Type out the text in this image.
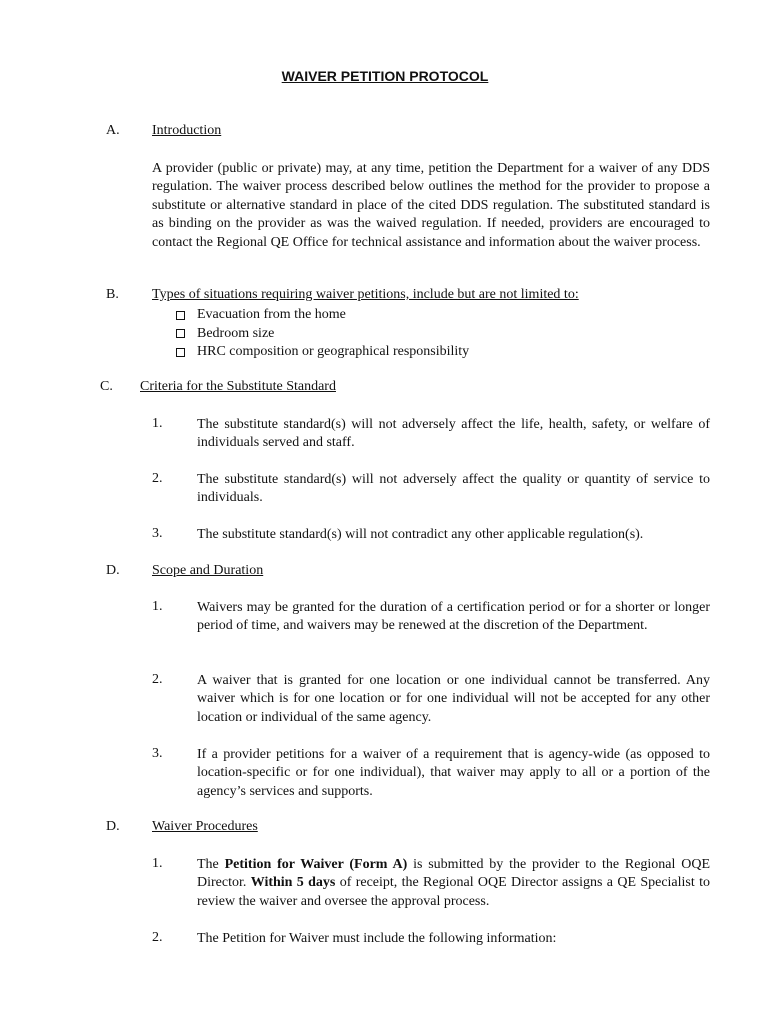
WAIVER PETITION PROTOCOL
A. Introduction
A provider (public or private) may, at any time, petition the Department for a waiver of any DDS regulation. The waiver process described below outlines the method for the provider to propose a substitute or alternative standard in place of the cited DDS regulation. The substituted standard is as binding on the provider as was the waived regulation. If needed, providers are encouraged to contact the Regional QE Office for technical assistance and information about the waiver process.
B. Types of situations requiring waiver petitions, include but are not limited to:
Evacuation from the home
Bedroom size
HRC composition or geographical responsibility
C. Criteria for the Substitute Standard
1. The substitute standard(s) will not adversely affect the life, health, safety, or welfare of individuals served and staff.
2. The substitute standard(s) will not adversely affect the quality or quantity of service to individuals.
3. The substitute standard(s) will not contradict any other applicable regulation(s).
D. Scope and Duration
1. Waivers may be granted for the duration of a certification period or for a shorter or longer period of time, and waivers may be renewed at the discretion of the Department.
2. A waiver that is granted for one location or one individual cannot be transferred. Any waiver which is for one location or for one individual will not be accepted for any other location or individual of the same agency.
3. If a provider petitions for a waiver of a requirement that is agency-wide (as opposed to location-specific or for one individual), that waiver may apply to all or a portion of the agency’s services and supports.
D. Waiver Procedures
1. The Petition for Waiver (Form A) is submitted by the provider to the Regional OQE Director. Within 5 days of receipt, the Regional OQE Director assigns a QE Specialist to review the waiver and oversee the approval process.
2. The Petition for Waiver must include the following information:
